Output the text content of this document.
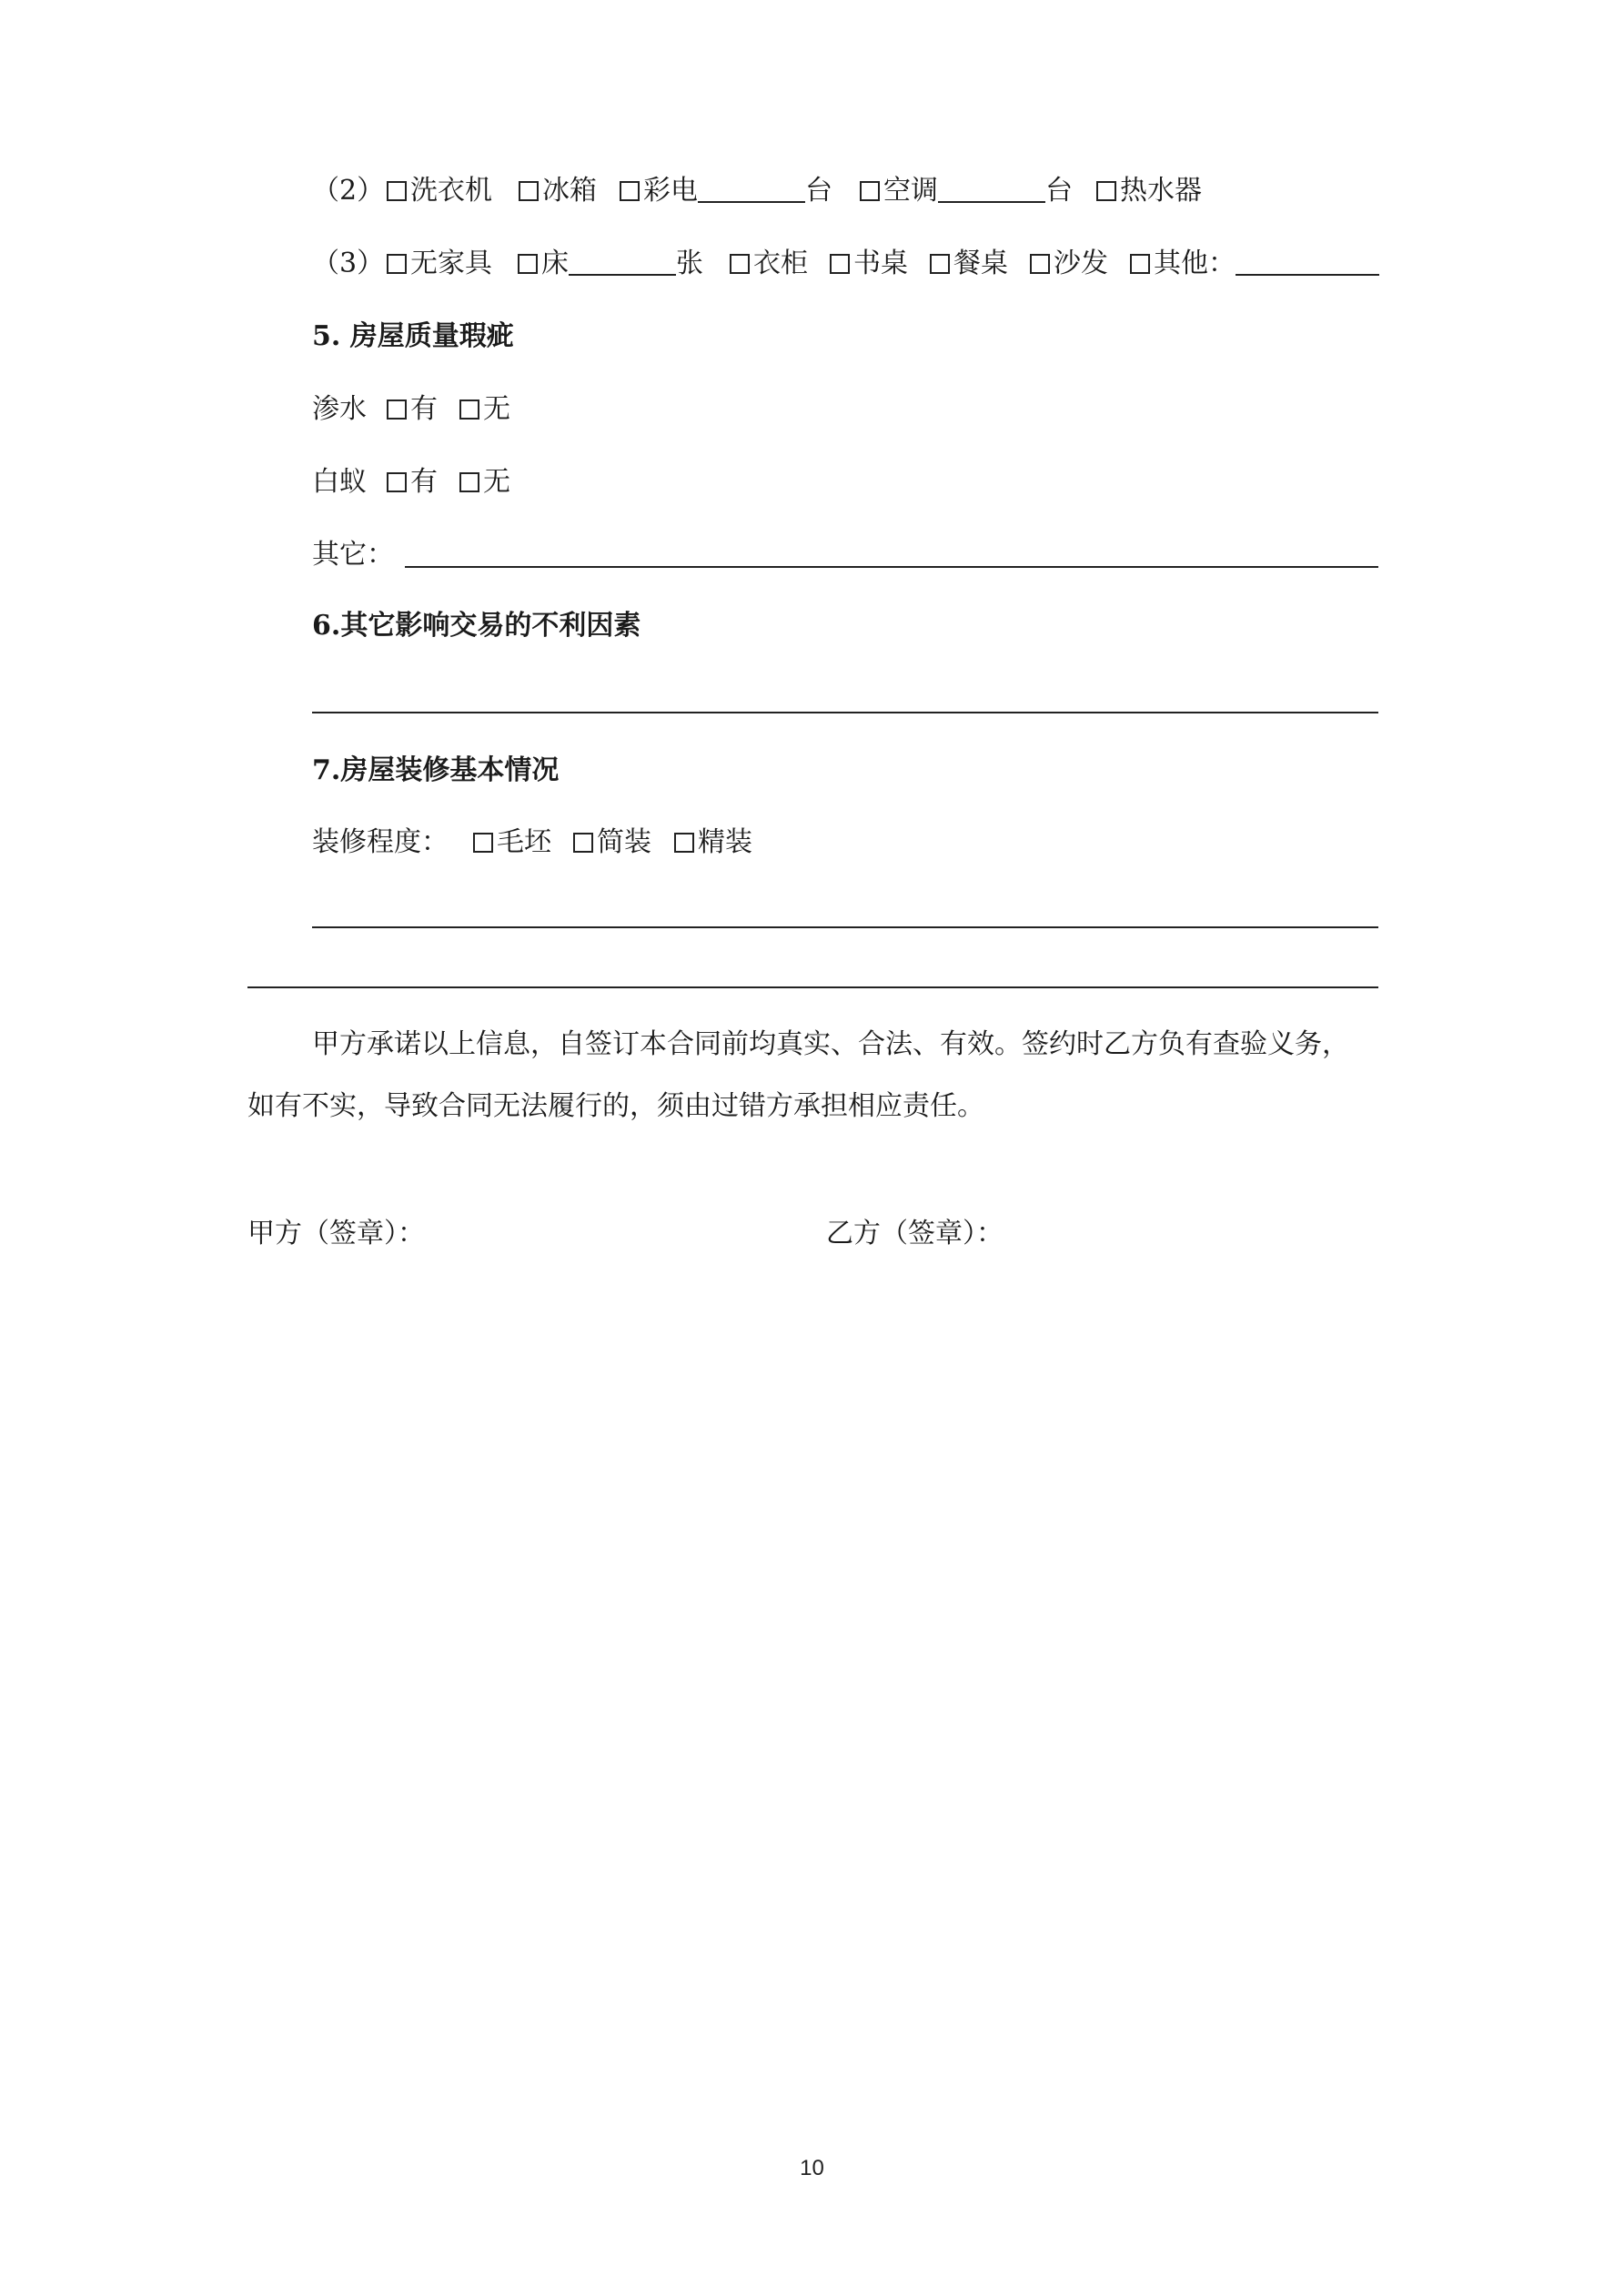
（2） 洗衣机	冰箱	彩电	台	空调	台	热水器
（3） 无家具	床	张	衣柜	书桌	餐桌	沙发	其他：
5. 房屋质量瑕疵
渗水	有	无
白蚁	有	无
其它：
6.其它影响交易的不利因素
7.房屋装修基本情况
装修程度：	毛坯	简装	精装
甲方承诺以上信息，自签订本合同前均真实、合法、有效。签约时乙方负有查验义务，
如有不实，导致合同无法履行的，须由过错方承担相应责任。
甲方（签章）：	乙方（签章）：
10
